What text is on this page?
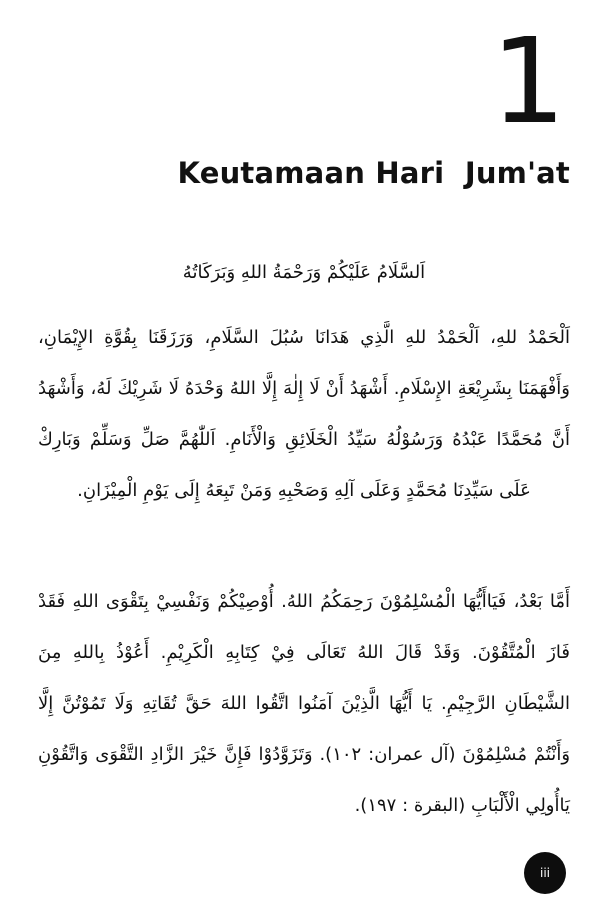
1
Keutamaan Hari  Jum'at
اَلسَّلَامُ عَلَيْكُمْ وَرَحْمَةُ اللهِ وَبَرَكَاتُهُ
اَلْحَمْدُ للهِ، اَلْحَمْدُ للهِ الَّذِي هَدَانَا سُبُلَ السَّلَامِ، وَرَزَقَنَا بِقُوَّةِ الإِيْمَانِ، وَأَفْهَمَنَا بِشَرِيْعَةِ الإِسْلَامِ. أَشْهَدُ أَنْ لَا إِلٰهَ إِلَّا اللهُ وَحْدَهُ لَا شَرِيْكَ لَهُ، وَأَشْهَدُ أَنَّ مُحَمَّدًا عَبْدُهُ وَرَسُوْلُهُ سَيِّدُ الْخَلَائِقِ وَالْأَنَامِ. اَللّٰهُمَّ صَلِّ وَسَلِّمْ وَبَارِكْ عَلَى سَيِّدِنَا مُحَمَّدٍ وَعَلَى آلِهِ وَصَحْبِهِ وَمَنْ تَبِعَهُ إِلَى يَوْمِ الْمِيْزَانِ.
أَمَّا بَعْدُ، فَيَاأَيُّهَا الْمُسْلِمُوْنَ رَحِمَكُمُ اللهُ. أُوْصِيْكُمْ وَنَفْسِيْ بِتَقْوَى اللهِ فَقَدْ فَازَ الْمُتَّقُوْنَ. وَقَدْ قَالَ اللهُ تَعَالَى فِيْ كِتَابِهِ الْكَرِيْمِ. أَعُوْذُ بِاللهِ مِنَ الشَّيْطَانِ الرَّجِيْمِ. يَا أَيُّهَا الَّذِيْنَ آمَنُوا اتَّقُوا اللهَ حَقَّ تُقَاتِهِ وَلَا تَمُوْتُنَّ إِلَّا وَأَنْتُمْ مُسْلِمُوْنَ (آل عمران: ١٠٢). وَتَزَوَّدُوْا فَإِنَّ خَيْرَ الزَّادِ التَّقْوَى وَاتَّقُوْنِ يَاأُولِي الْأَلْبَابِ (البقرة : ١٩٧).
iii
